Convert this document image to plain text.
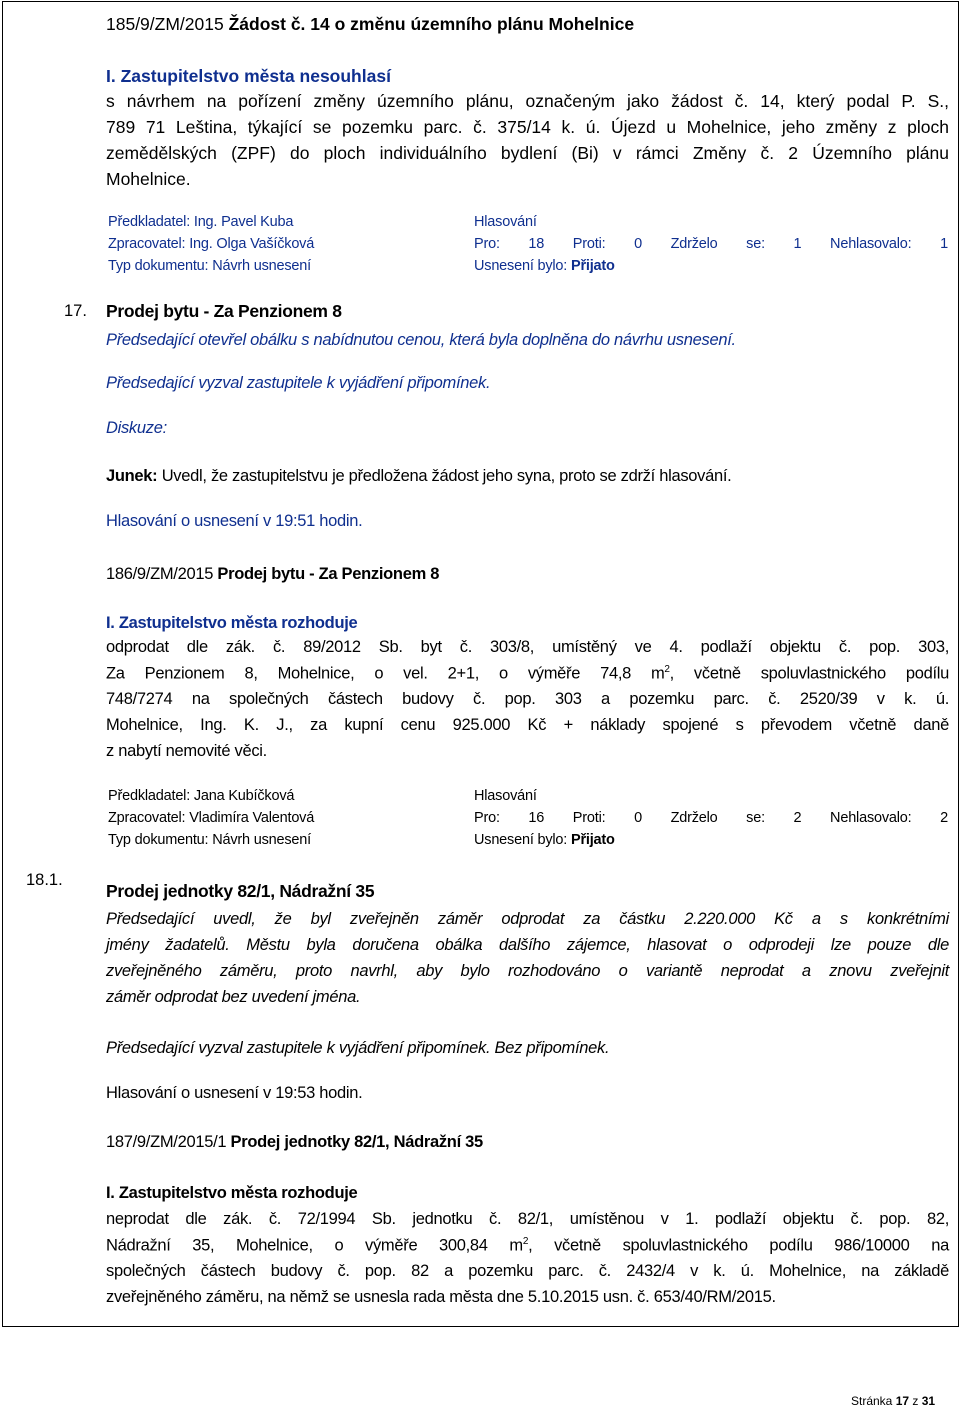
185/9/ZM/2015 Žádost č. 14 o změnu územního plánu Mohelnice
I. Zastupitelstvo města nesouhlasí
s návrhem na pořízení změny územního plánu, označeným jako žádost č. 14, který podal P. S.,
789 71 Leština, týkající se pozemku parc. č. 375/14 k. ú. Újezd u Mohelnice, jeho změny z ploch
zemědělských (ZPF) do ploch individuálního bydlení (Bi) v rámci Změny č. 2 Územního plánu
Mohelnice.
Předkladatel: Ing. Pavel Kuba
Zpracovatel: Ing. Olga Vašíčková
Typ dokumentu: Návrh usnesení
Hlasování
Pro: 18 Proti: 0 Zdrželo se: 1 Nehlasovalo: 1
Usnesení bylo: Přijato
17. Prodej bytu - Za Penzionem 8
Předsedající otevřel obálku s nabídnutou cenou, která byla doplněna do návrhu usnesení.
Předsedající vyzval zastupitele k vyjádření připomínek.
Diskuze:
Junek: Uvedl, že zastupitelstvu je předložena žádost jeho syna, proto se zdrží hlasování.
Hlasování o usnesení v 19:51 hodin.
186/9/ZM/2015 Prodej bytu - Za Penzionem 8
I. Zastupitelstvo města rozhoduje
odprodat dle zák. č. 89/2012 Sb. byt č. 303/8, umístěný ve 4. podlaží objektu č. pop. 303,
Za Penzionem 8, Mohelnice, o vel. 2+1, o výměře 74,8 $m^2$, včetně spoluvlastnického podílu
748/7274 na společných částech budovy č. pop. 303 a pozemku parc. č. 2520/39 v k. ú.
Mohelnice, Ing. K. J., za kupní cenu 925.000 Kč + náklady spojené s převodem včetně daně
z nabytí nemovité věci.
Předkladatel: Jana Kubíčková
Zpracovatel: Vladimíra Valentová
Typ dokumentu: Návrh usnesení
Hlasování
Pro: 16 Proti: 0 Zdrželo se: 2 Nehlasovalo: 2
Usnesení bylo: Přijato
18.1.
Prodej jednotky 82/1, Nádražní 35
Předsedající uvedl, že byl zveřejněn záměr odprodat za částku 2.220.000 Kč a s konkrétními
jmény žadatelů. Městu byla doručena obálka dalšího zájemce, hlasovat o odprodeji lze pouze dle
zveřejněného záměru, proto navrhl, aby bylo rozhodováno o variantě neprodat a znovu zveřejnit
záměr odprodat bez uvedení jména.
Předsedající vyzval zastupitele k vyjádření připomínek. Bez připomínek.
Hlasování o usnesení v 19:53 hodin.
187/9/ZM/2015/1 Prodej jednotky 82/1, Nádražní 35
I. Zastupitelstvo města rozhoduje
neprodat dle zák. č. 72/1994 Sb. jednotku č. 82/1, umístěnou v 1. podlaží objektu č. pop. 82,
Nádražní 35, Mohelnice, o výměře 300,84 $m^2$, včetně spoluvlastnického podílu 986/10000 na
společných částech budovy č. pop. 82 a pozemku parc. č. 2432/4 v k. ú. Mohelnice, na základě
zveřejněného záměru, na němž se usnesla rada města dne 5.10.2015 usn. č. 653/40/RM/2015.
Stránka 17 z 31
